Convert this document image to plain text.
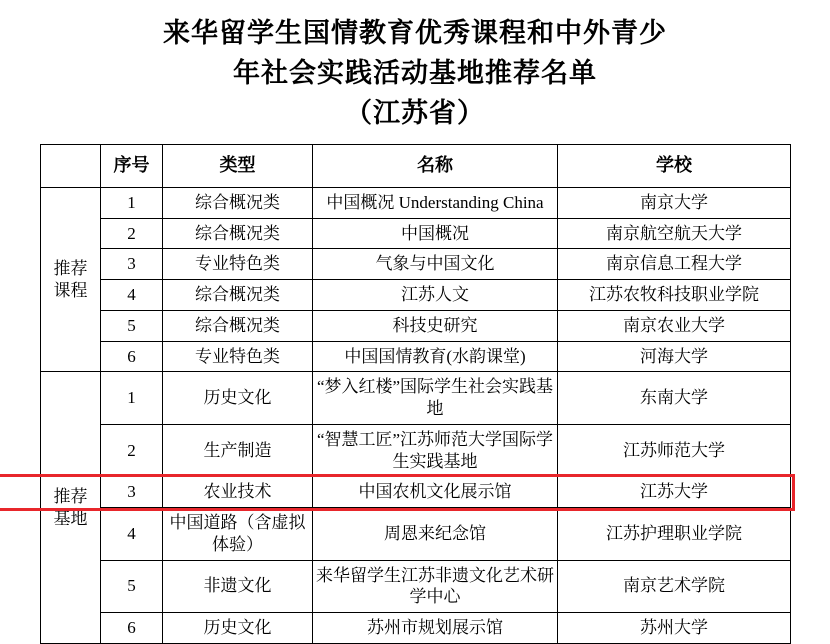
来华留学生国情教育优秀课程和中外青少
年社会实践活动基地推荐名单
（江苏省）
	序号	类型	名称	学校

推荐
课程	1	综合概况类	中国概况 Understanding China	南京大学
	2	综合概况类	中国概况	南京航空航天大学
	3	专业特色类	气象与中国文化	南京信息工程大学
	4	综合概况类	江苏人文	江苏农牧科技职业学院
	5	综合概况类	科技史研究	南京农业大学
	6	专业特色类	中国国情教育(水韵课堂)	河海大学

推荐
基地	1	历史文化	“梦入红楼”国际学生社会实践基地	东南大学
	2	生产制造	“智慧工匠”江苏师范大学国际学生实践基地	江苏师范大学
	3	农业技术	中国农机文化展示馆	江苏大学
	4	中国道路（含虚拟体验）	周恩来纪念馆	江苏护理职业学院
	5	非遗文化	来华留学生江苏非遗文化艺术研学中心	南京艺术学院
	6	历史文化	苏州市规划展示馆	苏州大学
